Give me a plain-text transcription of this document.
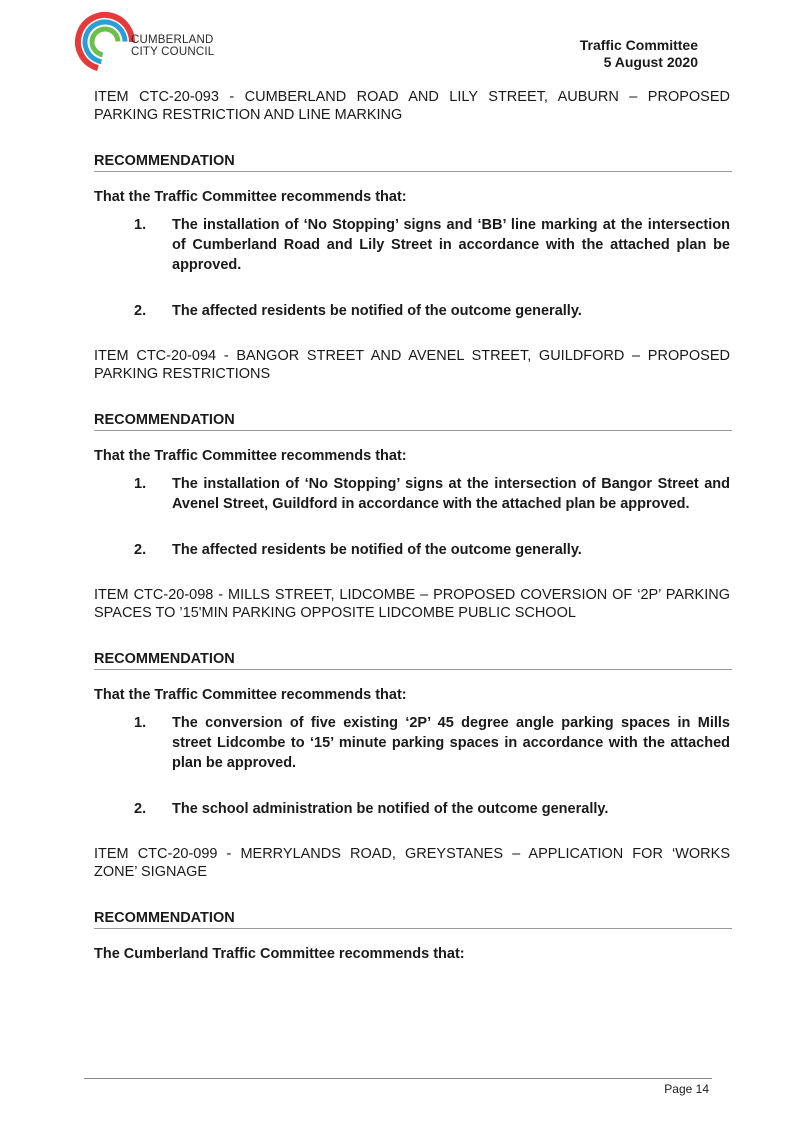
CUMBERLAND
CITY COUNCIL	Traffic Committee
5 August 2020

ITEM CTC-20-093 - CUMBERLAND ROAD AND LILY STREET, AUBURN – PROPOSED PARKING RESTRICTION AND LINE MARKING

RECOMMENDATION
That the Traffic Committee recommends that:
1. The installation of ‘No Stopping’ signs and ‘BB’ line marking at the intersection of Cumberland Road and Lily Street in accordance with the attached plan be approved.
2. The affected residents be notified of the outcome generally.

ITEM CTC-20-094 - BANGOR STREET AND AVENEL STREET, GUILDFORD – PROPOSED PARKING RESTRICTIONS

RECOMMENDATION
That the Traffic Committee recommends that:
1. The installation of ‘No Stopping’ signs at the intersection of Bangor Street and Avenel Street, Guildford in accordance with the attached plan be approved.
2. The affected residents be notified of the outcome generally.

ITEM CTC-20-098 - MILLS STREET, LIDCOMBE – PROPOSED COVERSION OF ‘2P’ PARKING SPACES TO ’15'MIN PARKING OPPOSITE LIDCOMBE PUBLIC SCHOOL

RECOMMENDATION
That the Traffic Committee recommends that:
1. The conversion of five existing ‘2P’ 45 degree angle parking spaces in Mills street Lidcombe to ‘15’ minute parking spaces in accordance with the attached plan be approved.
2. The school administration be notified of the outcome generally.

ITEM CTC-20-099 - MERRYLANDS ROAD, GREYSTANES – APPLICATION FOR ‘WORKS ZONE’ SIGNAGE

RECOMMENDATION
The Cumberland Traffic Committee recommends that:
Page 14
